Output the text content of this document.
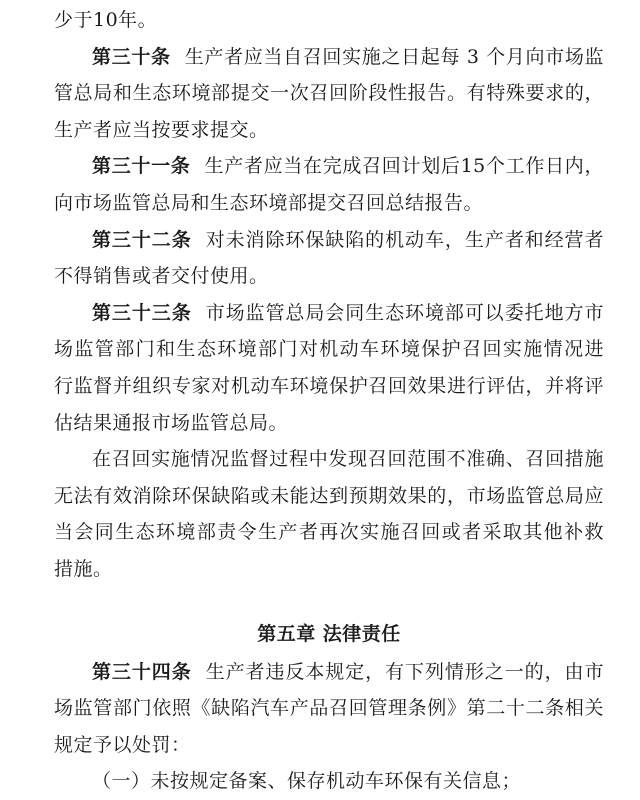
少于10年。
第三十条 生产者应当自召回实施之日起每 3 个月向市场监
管总局和生态环境部提交一次召回阶段性报告。有特殊要求的，
生产者应当按要求提交。
第三十一条 生产者应当在完成召回计划后15个工作日内，
向市场监管总局和生态环境部提交召回总结报告。
第三十二条 对未消除环保缺陷的机动车，生产者和经营者
不得销售或者交付使用。
第三十三条 市场监管总局会同生态环境部可以委托地方市
场监管部门和生态环境部门对机动车环境保护召回实施情况进
行监督并组织专家对机动车环境保护召回效果进行评估，并将评
估结果通报市场监管总局。
在召回实施情况监督过程中发现召回范围不准确、召回措施
无法有效消除环保缺陷或未能达到预期效果的，市场监管总局应
当会同生态环境部责令生产者再次实施召回或者采取其他补救
措施。
第五章 法律责任
第三十四条 生产者违反本规定，有下列情形之一的，由市
场监管部门依照《缺陷汽车产品召回管理条例》第二十二条相关
规定予以处罚：
（一）未按规定备案、保存机动车环保有关信息；
